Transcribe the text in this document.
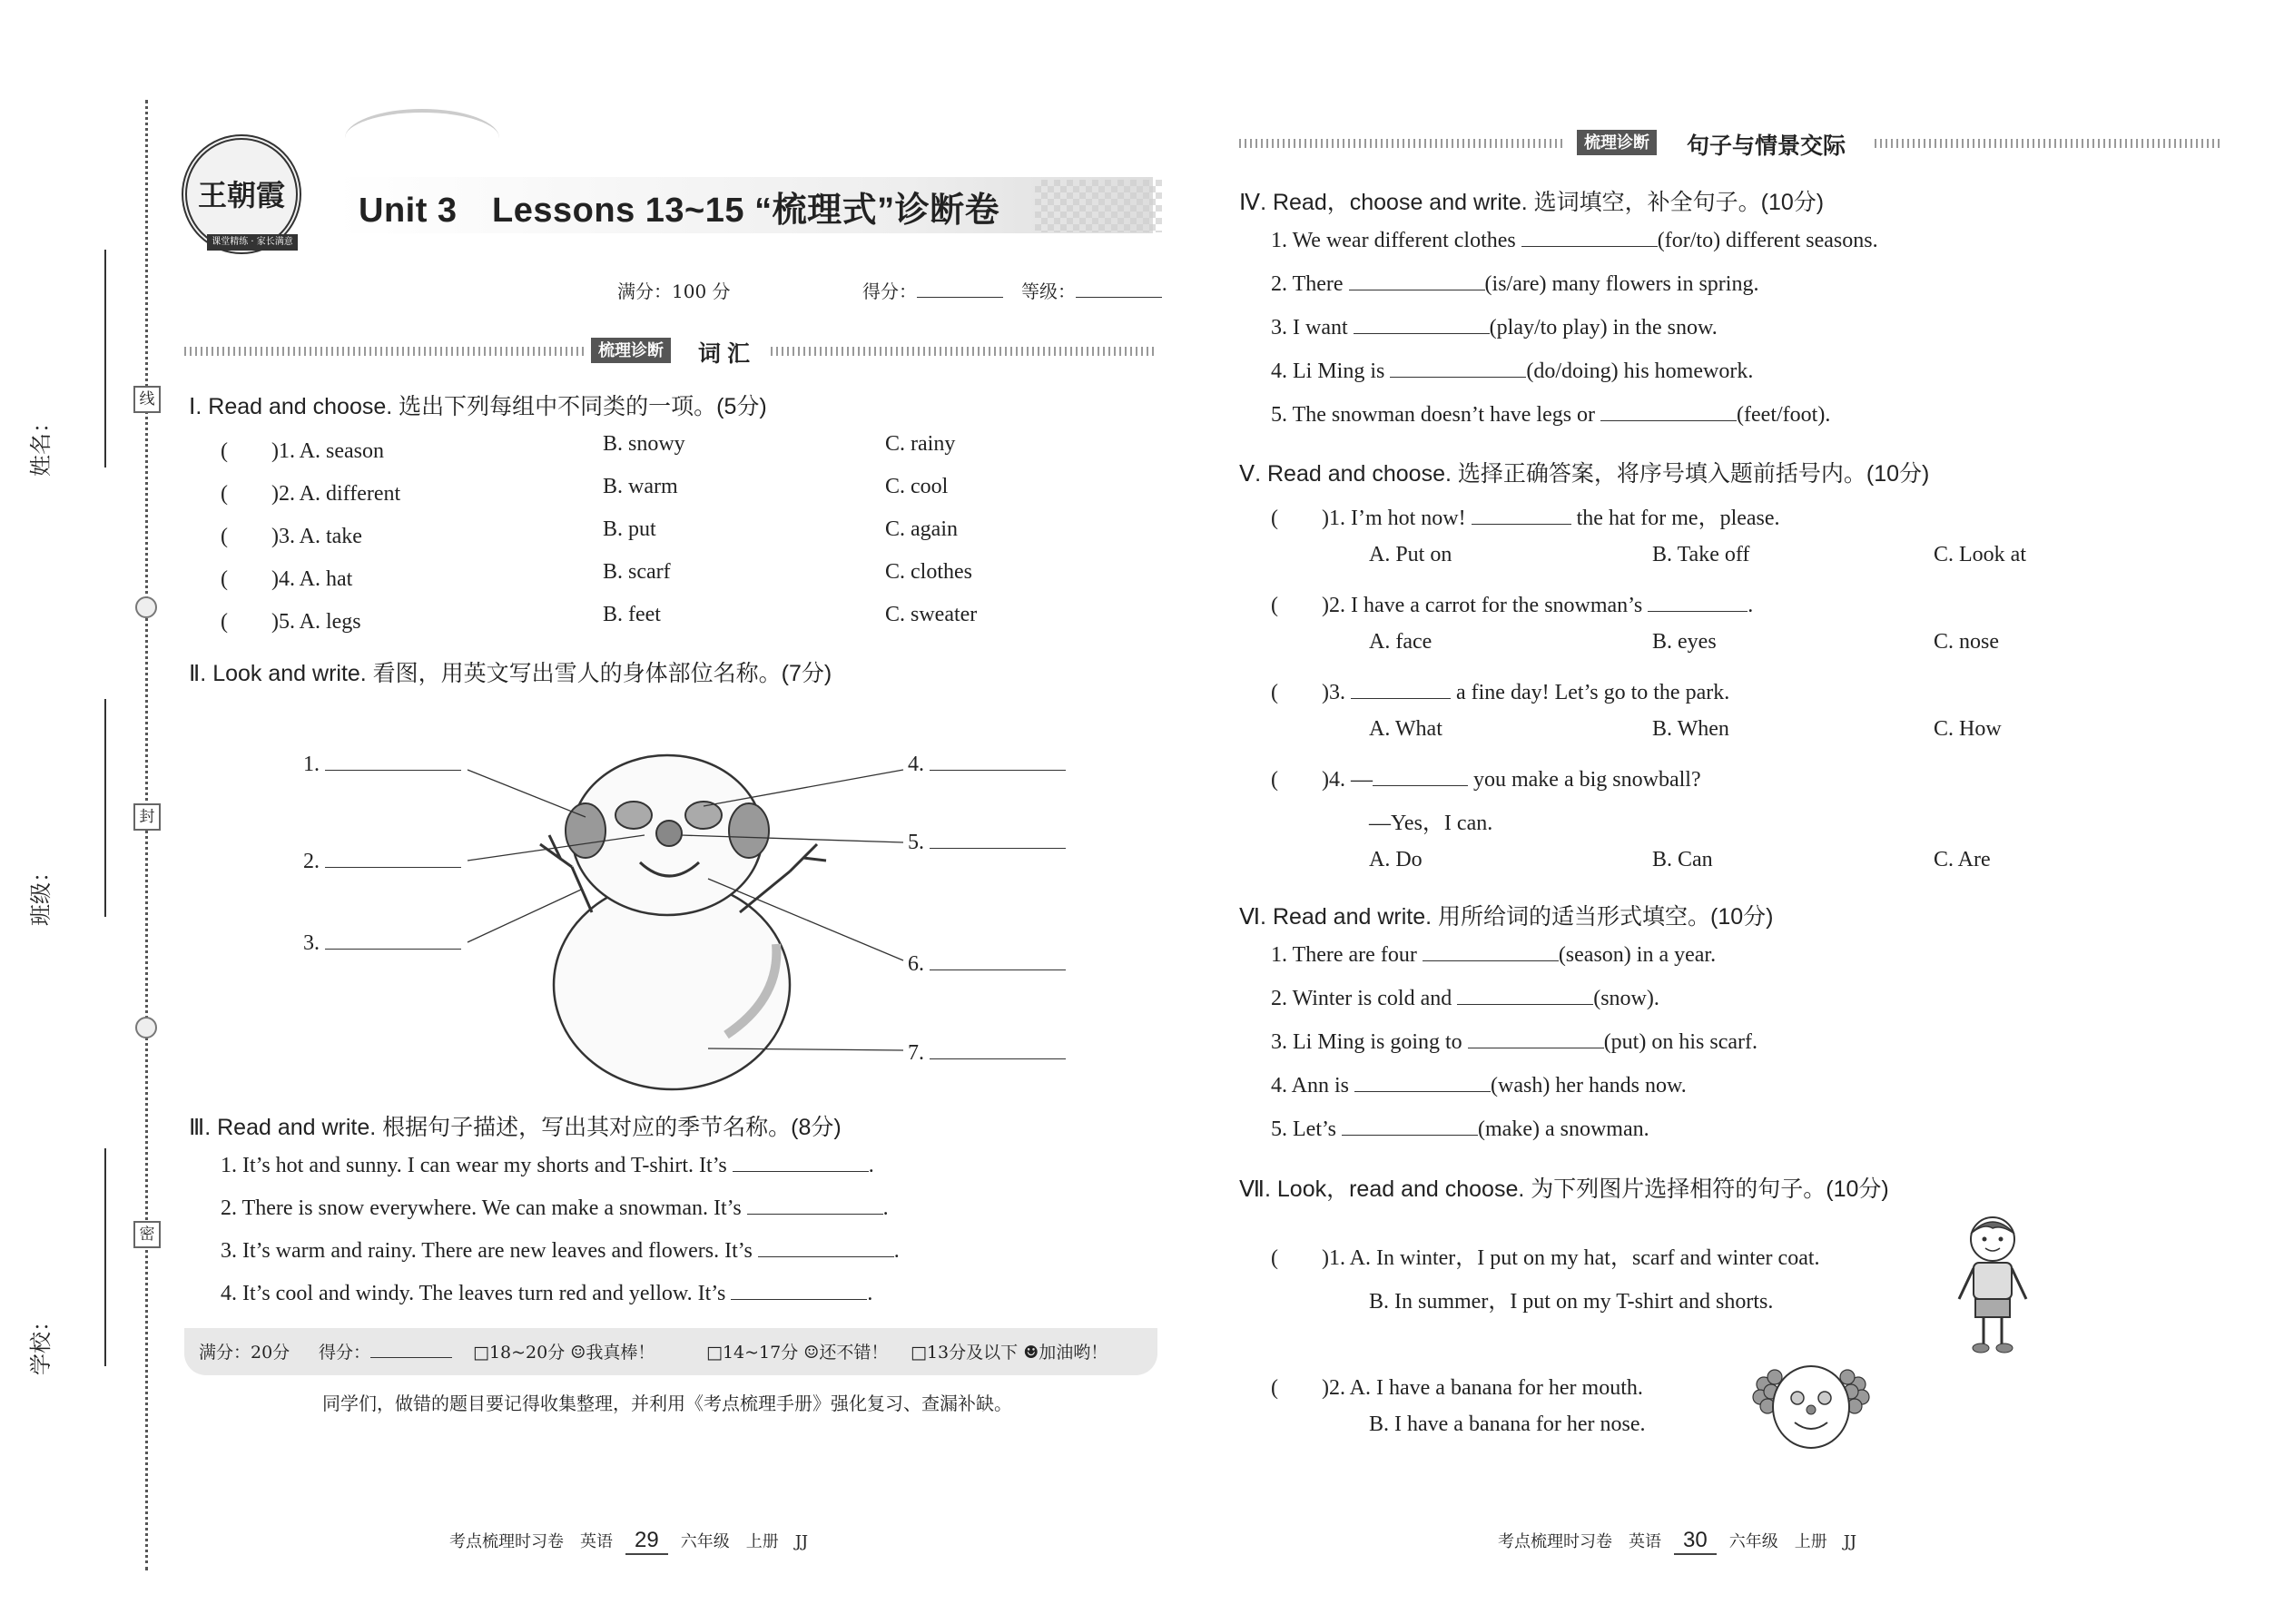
线
封
密
姓名：
班级：
学校：
王朝霞
课堂精练 · 家长满意
Unit 3　Lessons 13~15 “梳理式”诊断卷
满分：100 分	得分：	等级：
梳理诊断	词 汇
Ⅰ. Read and choose. 选出下列每组中不同类的一项。(5分)
(　　)1. A. season	B. snowy	C. rainy
(　　)2. A. different	B. warm	C. cool
(　　)3. A. take	B. put	C. again
(　　)4. A. hat	B. scarf	C. clothes
(　　)5. A. legs	B. feet	C. sweater
Ⅱ. Look and write. 看图，用英文写出雪人的身体部位名称。(7分)
1.
2.
3.
4.
5.
6.
7.
Ⅲ. Read and write. 根据句子描述，写出其对应的季节名称。(8分)
1. It’s hot and sunny. I can wear my shorts and T-shirt. It’s	.
2. There is snow everywhere. We can make a snowman. It’s	.
3. It’s warm and rainy. There are new leaves and flowers. It’s	.
4. It’s cool and windy. The leaves turn red and yellow. It’s	.
满分：20分 得分：	□18~20分 ☺我真棒！	□14~17分 ☺还不错！ □13分及以下 ☻加油哟！
同学们，做错的题目要记得收集整理，并利用《考点梳理手册》强化复习、查漏补缺。
考点梳理时习卷　英语 29 六年级　上册　JJ
梳理诊断	句子与情景交际
Ⅳ. Read，choose and write. 选词填空，补全句子。(10分)
1. We wear different clothes	(for/to) different seasons.
2. There	(is/are) many flowers in spring.
3. I want	(play/to play) in the snow.
4. Li Ming is	(do/doing) his homework.
5. The snowman doesn’t have legs or	(feet/foot).
Ⅴ. Read and choose. 选择正确答案，将序号填入题前括号内。(10分)
(　　)1. I’m hot now!	the hat for me，please.
A. Put on	B. Take off	C. Look at
(　　)2. I have a carrot for the snowman’s	.
A. face	B. eyes	C. nose
(　　)3.	a fine day! Let’s go to the park.
A. What	B. When	C. How
(　　)4. —	you make a big snowball?
—Yes，I can.
A. Do	B. Can	C. Are
Ⅵ. Read and write. 用所给词的适当形式填空。(10分)
1. There are four	(season) in a year.
2. Winter is cold and	(snow).
3. Li Ming is going to	(put) on his scarf.
4. Ann is	(wash) her hands now.
5. Let’s	(make) a snowman.
Ⅶ. Look，read and choose. 为下列图片选择相符的句子。(10分)
(　　)1. A. In winter，I put on my hat，scarf and winter coat.
B. In summer，I put on my T-shirt and shorts.
(　　)2. A. I have a banana for her mouth.
B. I have a banana for her nose.
考点梳理时习卷　英语 30 六年级　上册　JJ
